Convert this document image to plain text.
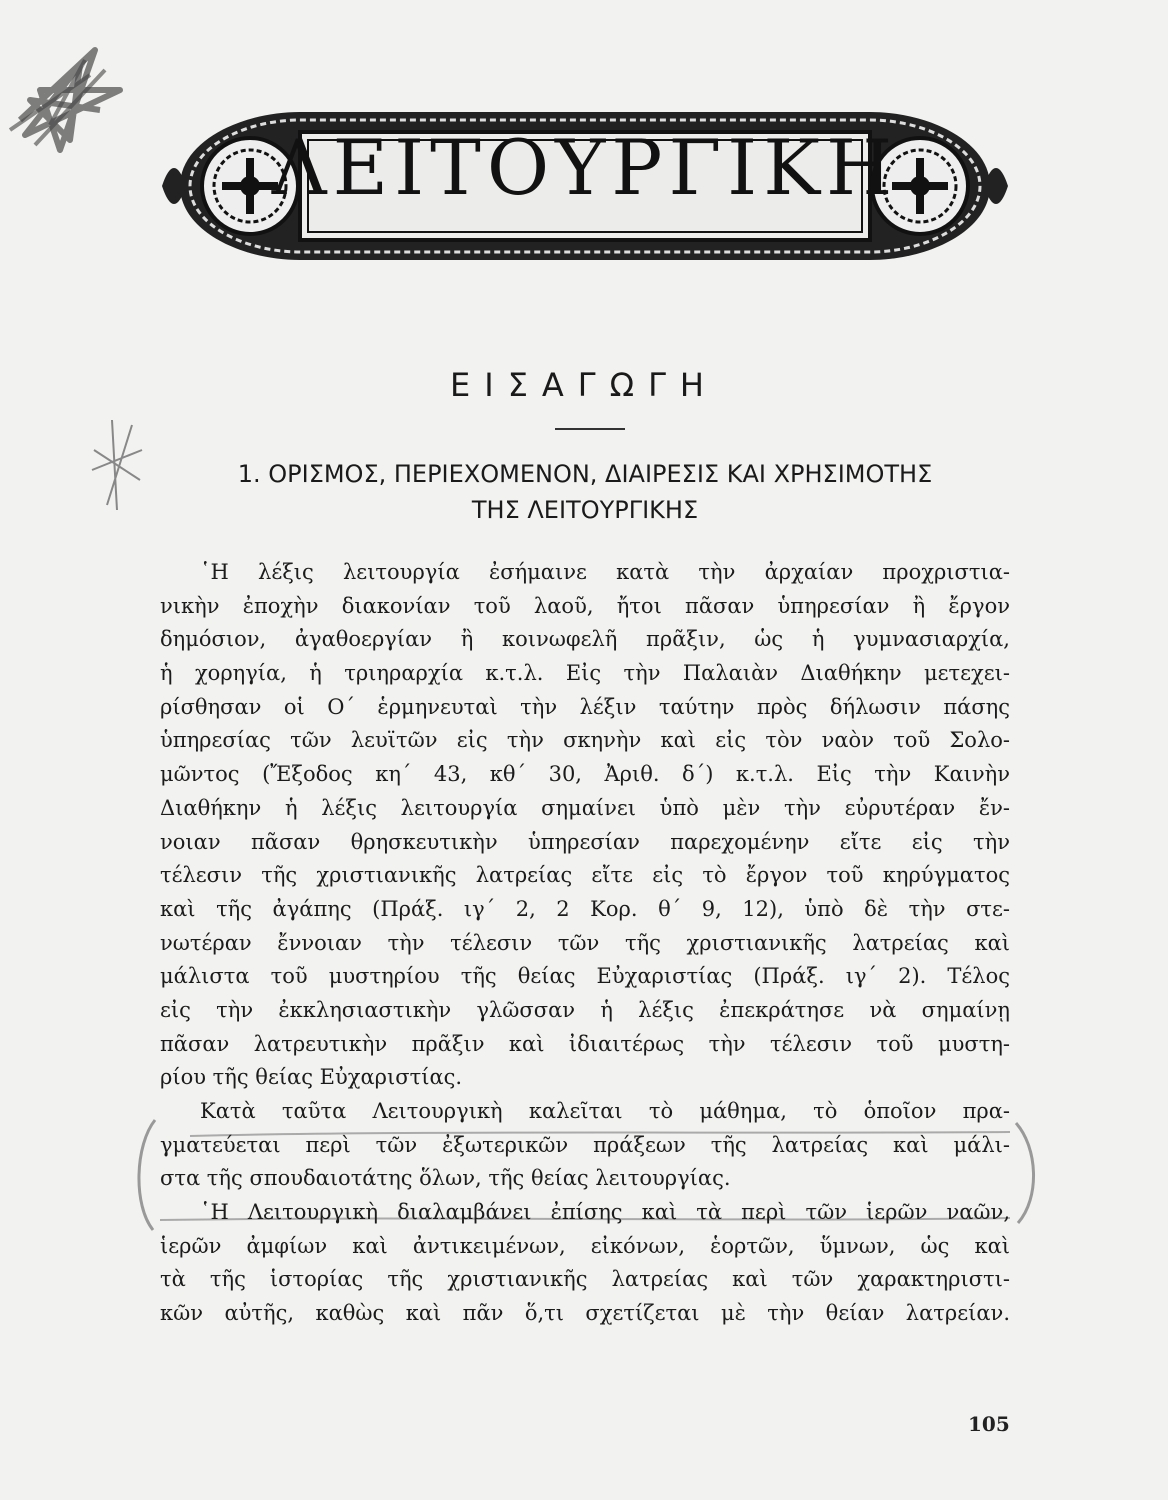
ΛΕΙΤΟΥΡΓΙΚΗ
ΕΙΣΑΓΩΓΗ
1. ΟΡΙΣΜΟΣ, ΠΕΡΙΕΧΟΜΕΝΟΝ, ΔΙΑΙΡΕΣΙΣ ΚΑΙ ΧΡΗΣΙΜΟΤΗΣ
ΤΗΣ ΛΕΙΤΟΥΡΓΙΚΗΣ
῾Η λέξις λειτουργία ἐσήμαινε κατὰ τὴν ἀρχαίαν προχριστια-
νικὴν ἐποχὴν διακονίαν τοῦ λαοῦ, ἤτοι πᾶσαν ὑπηρεσίαν ἢ ἔργον
δημόσιον, ἀγαθοεργίαν ἢ κοινωφελῆ πρᾶξιν, ὡς ἡ γυμνασιαρχία,
ἡ χορηγία, ἡ τριηραρχία κ.τ.λ. Εἰς τὴν Παλαιὰν Διαθήκην μετεχει-
ρίσθησαν οἱ Ο΄ ἑρμηνευταὶ τὴν λέξιν ταύτην πρὸς δήλωσιν πάσης
ὑπηρεσίας τῶν λευϊτῶν εἰς τὴν σκηνὴν καὶ εἰς τὸν ναὸν τοῦ Σολο-
μῶντος (Ἔξοδος κη΄ 43, κθ΄ 30, Ἀριθ. δ΄) κ.τ.λ. Εἰς τὴν Καινὴν
Διαθήκην ἡ λέξις λειτουργία σημαίνει ὑπὸ μὲν τὴν εὐρυτέραν ἔν-
νοιαν πᾶσαν θρησκευτικὴν ὑπηρεσίαν παρεχομένην εἴτε εἰς τὴν
τέλεσιν τῆς χριστιανικῆς λατρείας εἴτε εἰς τὸ ἔργον τοῦ κηρύγματος
καὶ τῆς ἀγάπης (Πράξ. ιγ΄ 2, 2 Κορ. θ΄ 9, 12), ὑπὸ δὲ τὴν στε-
νωτέραν ἔννοιαν τὴν τέλεσιν τῶν τῆς χριστιανικῆς λατρείας καὶ
μάλιστα τοῦ μυστηρίου τῆς θείας Εὐχαριστίας (Πράξ. ιγ΄ 2). Τέλος
εἰς τὴν ἐκκλησιαστικὴν γλῶσσαν ἡ λέξις ἐπεκράτησε νὰ σημαίνῃ
πᾶσαν λατρευτικὴν πρᾶξιν καὶ ἰδιαιτέρως τὴν τέλεσιν τοῦ μυστη-
ρίου τῆς θείας Εὐχαριστίας.
Κατὰ ταῦτα Λειτουργικὴ καλεῖται τὸ μάθημα, τὸ ὁποῖον πρα-
γματεύεται περὶ τῶν ἐξωτερικῶν πράξεων τῆς λατρείας καὶ μάλι-
στα τῆς σπουδαιοτάτης ὅλων, τῆς θείας λειτουργίας.
῾Η Λειτουργικὴ διαλαμβάνει ἐπίσης καὶ τὰ περὶ τῶν ἱερῶν ναῶν,
ἱερῶν ἀμφίων καὶ ἀντικειμένων, εἰκόνων, ἑορτῶν, ὕμνων, ὡς καὶ
τὰ τῆς ἱστορίας τῆς χριστιανικῆς λατρείας καὶ τῶν χαρακτηριστι-
κῶν αὐτῆς, καθὼς καὶ πᾶν ὅ,τι σχετίζεται μὲ τὴν θείαν λατρείαν.
105
